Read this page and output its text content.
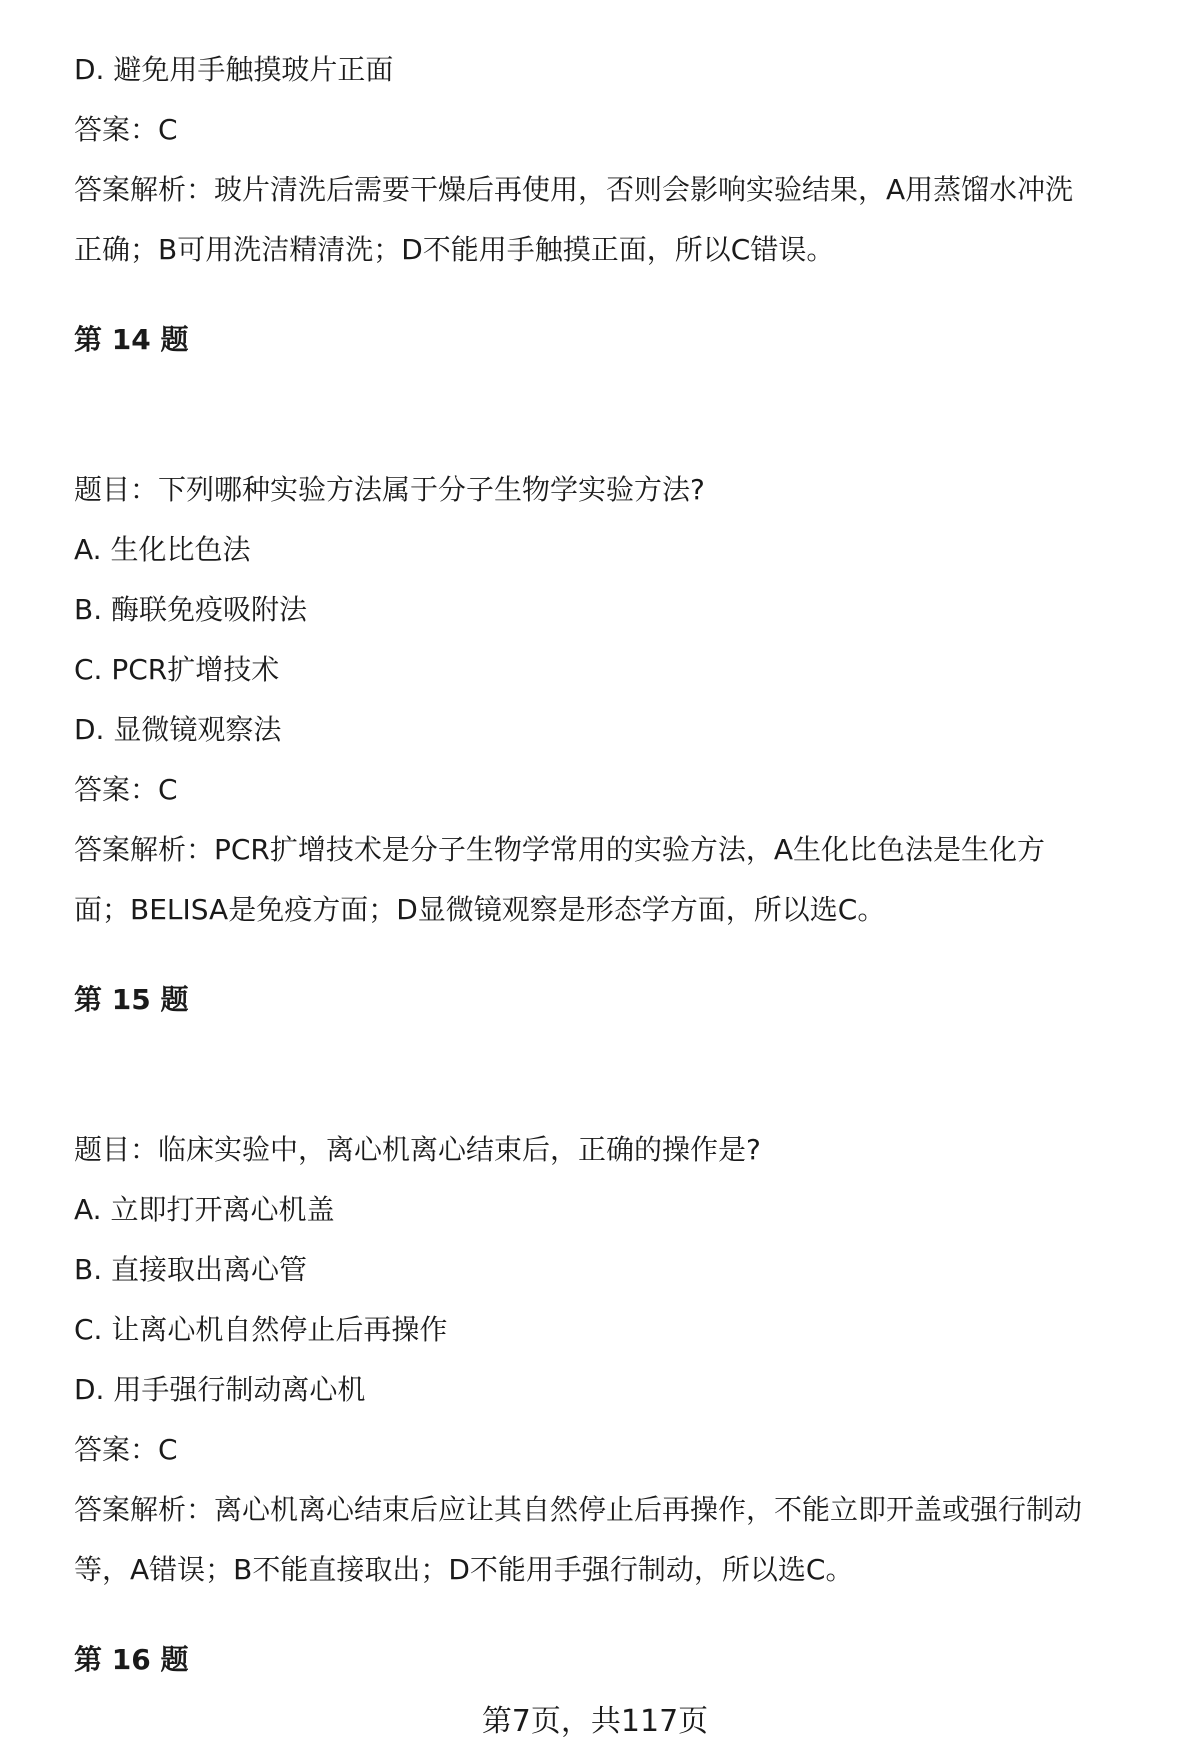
D. 避免用手触摸玻片正面
答案：C
答案解析：玻片清洗后需要干燥后再使用，否则会影响实验结果，A用蒸馏水冲洗
正确；B可用洗洁精清洗；D不能用手触摸正面，所以C错误。
第 14 题
题目：下列哪种实验方法属于分子生物学实验方法?
A. 生化比色法
B. 酶联免疫吸附法
C. PCR扩增技术
D. 显微镜观察法
答案：C
答案解析：PCR扩增技术是分子生物学常用的实验方法，A生化比色法是生化方
面；BELISA是免疫方面；D显微镜观察是形态学方面，所以选C。
第 15 题
题目：临床实验中，离心机离心结束后，正确的操作是?
A. 立即打开离心机盖
B. 直接取出离心管
C. 让离心机自然停止后再操作
D. 用手强行制动离心机
答案：C
答案解析：离心机离心结束后应让其自然停止后再操作，不能立即开盖或强行制动
等，A错误；B不能直接取出；D不能用手强行制动，所以选C。
第 16 题
第7页，共117页
